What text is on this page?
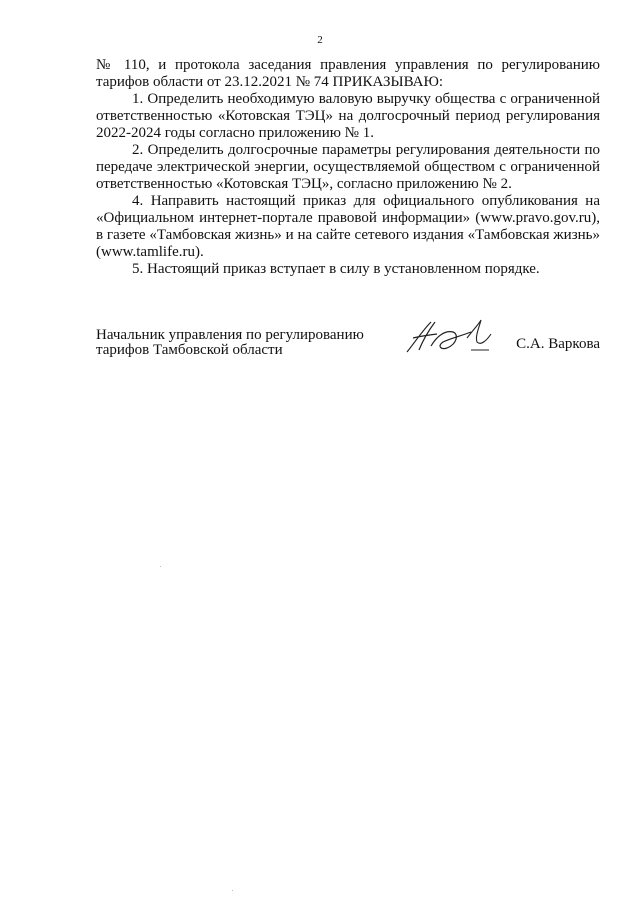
2

№ 110, и протокола заседания правления управления по регулированию тарифов области от 23.12.2021 № 74 ПРИКАЗЫВАЮ:

1. Определить необходимую валовую выручку общества с ограниченной ответственностью «Котовская ТЭЦ» на долгосрочный период регулирования 2022-2024 годы согласно приложению № 1.

2. Определить долгосрочные параметры регулирования деятельности по передаче электрической энергии, осуществляемой обществом с ограниченной ответственностью «Котовская ТЭЦ», согласно приложению № 2.

4. Направить настоящий приказ для официального опубликования на «Официальном интернет-портале правовой информации» (www.pravo.gov.ru), в газете «Тамбовская жизнь» и на сайте сетевого издания «Тамбовская жизнь» (www.tamlife.ru).

5. Настоящий приказ вступает в силу в установленном порядке.

Начальник управления по регулированию
тарифов Тамбовской области	С.А. Варкова
